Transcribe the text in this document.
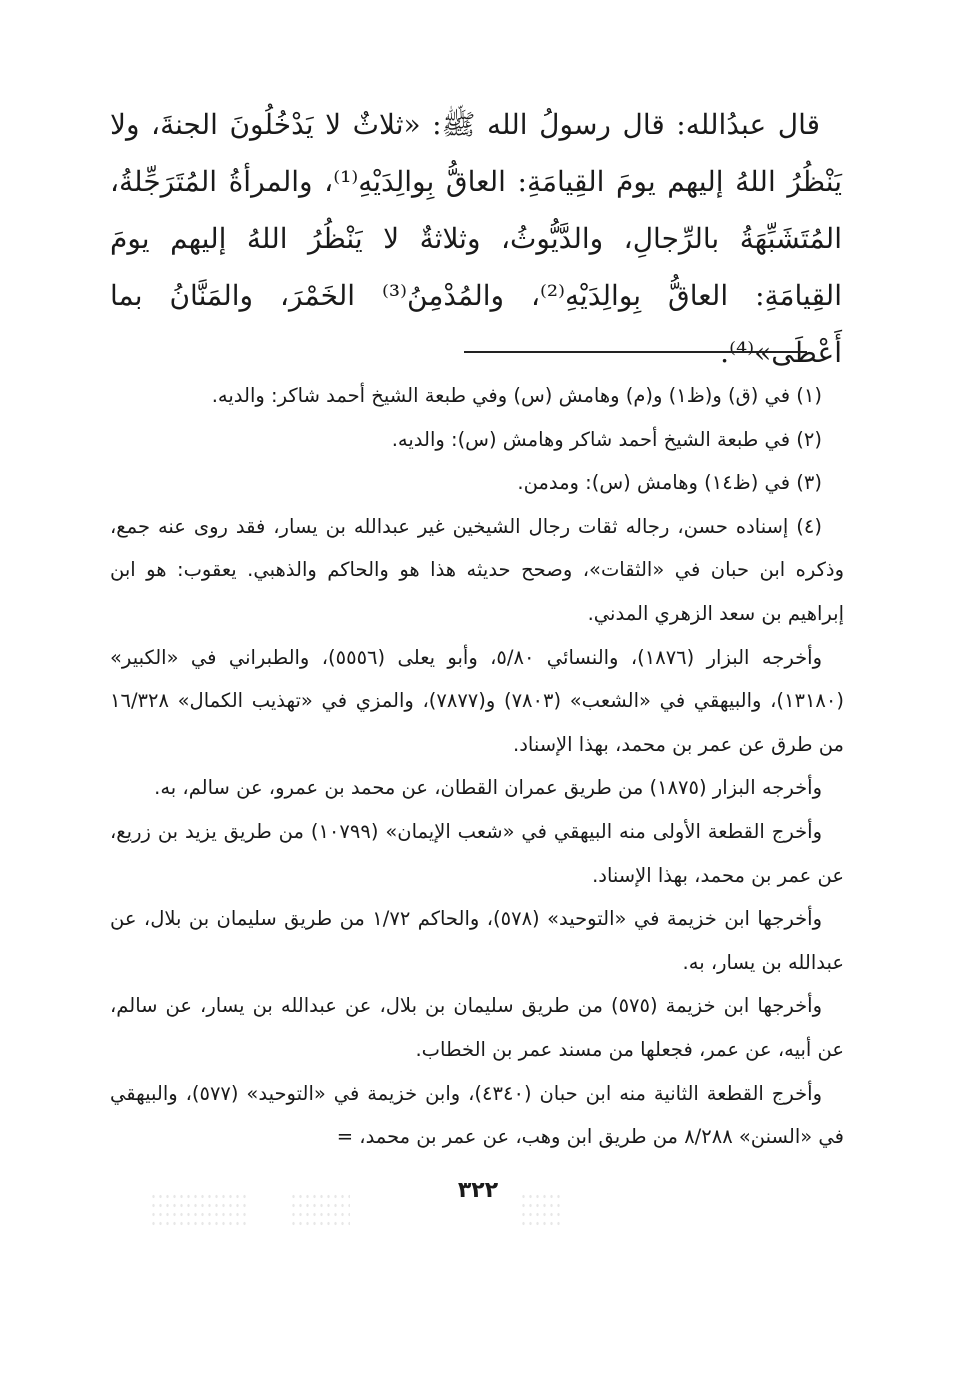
قال عبدُالله: قال رسولُ الله ﷺ: «ثلاثٌ لا يَدْخُلُونَ الجنةَ، ولا يَنْظُرُ اللهُ إليهم يومَ القِيامَةِ: العاقُّ بِوالِدَيْهِ⁽¹⁾، والمرأةُ المُتَرَجِّلةُ، المُتَشَبِّهَةُ بالرِّجالِ، والدَّيُّوثُ، وثلاثةٌ لا يَنْظُرُ اللهُ إليهم يومَ القِيامَةِ: العاقُّ بِوالِدَيْهِ⁽²⁾، والمُدْمِنُ⁽³⁾ الخَمْرَ، والمَنَّانُ بما أَعْطَى»⁽⁴⁾.

(١) في (ق) و(ظ١) و(م) وهامش (س) وفي طبعة الشيخ أحمد شاكر: والديه.

(٢) في طبعة الشيخ أحمد شاكر وهامش (س): والديه.

(٣) في (ظ١٤) وهامش (س): ومدمن.

(٤) إسناده حسن، رجاله ثقات رجال الشيخين غير عبدالله بن يسار، فقد روى عنه جمع، وذكره ابن حبان في «الثقات»، وصحح حديثه هذا هو والحاكم والذهبي. يعقوب: هو ابن إبراهيم بن سعد الزهري المدني.

وأخرجه البزار (١٨٧٦)، والنسائي ٥/٨٠، وأبو يعلى (٥٥٥٦)، والطبراني في «الكبير» (١٣١٨٠)، والبيهقي في «الشعب» (٧٨٠٣) و(٧٨٧٧)، والمزي في «تهذيب الكمال» ١٦/٣٢٨ من طرق عن عمر بن محمد، بهذا الإسناد.

وأخرجه البزار (١٨٧٥) من طريق عمران القطان، عن محمد بن عمرو، عن سالم، به.

وأخرج القطعة الأولى منه البيهقي في «شعب الإيمان» (١٠٧٩٩) من طريق يزيد بن زريع، عن عمر بن محمد، بهذا الإسناد.

وأخرجها ابن خزيمة في «التوحيد» (٥٧٨)، والحاكم ١/٧٢ من طريق سليمان بن بلال، عن عبدالله بن يسار، به.

وأخرجها ابن خزيمة (٥٧٥) من طريق سليمان بن بلال، عن عبدالله بن يسار، عن سالم، عن أبيه، عن عمر، فجعلها من مسند عمر بن الخطاب.

وأخرج القطعة الثانية منه ابن حبان (٤٣٤٠)، وابن خزيمة في «التوحيد» (٥٧٧)، والبيهقي في «السنن» ٨/٢٨٨ من طريق ابن وهب، عن عمر بن محمد، =

٣٢٢
